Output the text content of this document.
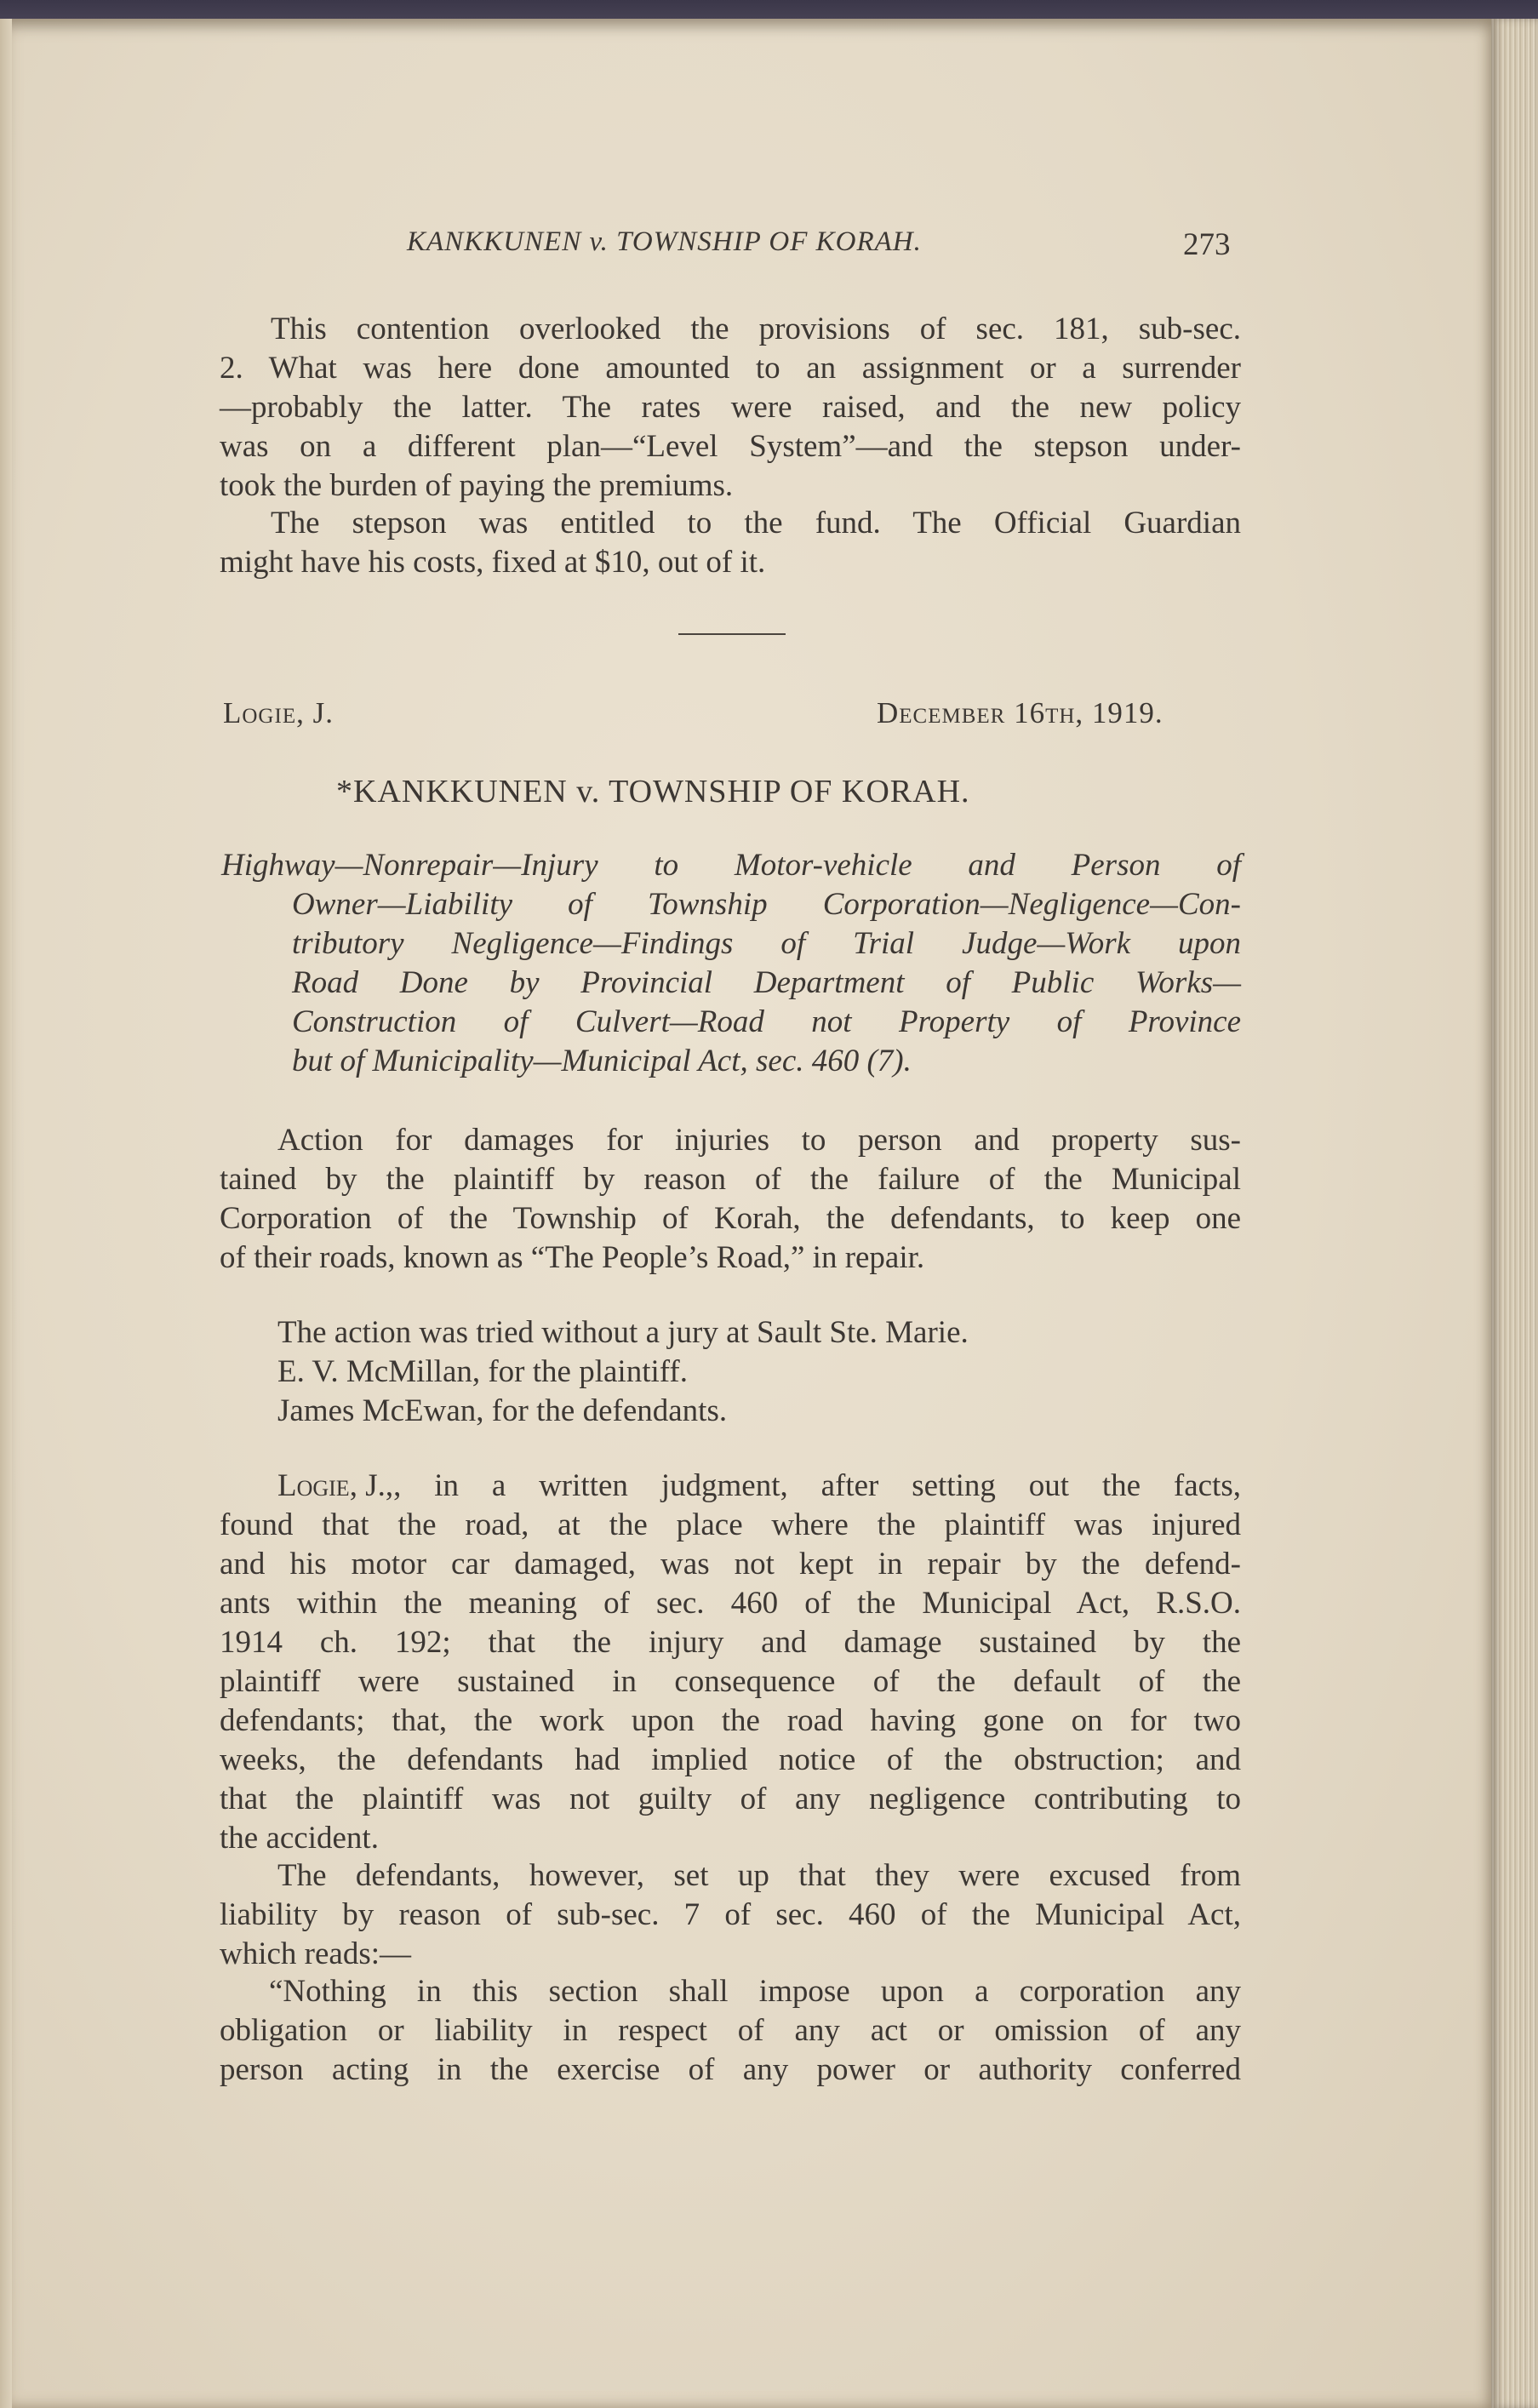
KANKKUNEN v. TOWNSHIP OF KORAH.	273
This contention overlooked the provisions of sec. 181, sub-sec.
2. What was here done amounted to an assignment or a surrender
—probably the latter. The rates were raised, and the new policy
was on a different plan—“Level System”—and the stepson under-
took the burden of paying the premiums.
The stepson was entitled to the fund. The Official Guardian
might have his costs, fixed at $10, out of it.
Logie, J.	December 16th, 1919.
*KANKKUNEN v. TOWNSHIP OF KORAH.
Highway—Nonrepair—Injury to Motor-vehicle and Person of
Owner—Liability of Township Corporation—Negligence—Con-
tributory Negligence—Findings of Trial Judge—Work upon
Road Done by Provincial Department of Public Works—
Construction of Culvert—Road not Property of Province
but of Municipality—Municipal Act, sec. 460 (7).
Action for damages for injuries to person and property sus-
tained by the plaintiff by reason of the failure of the Municipal
Corporation of the Township of Korah, the defendants, to keep one
of their roads, known as “The People’s Road,” in repair.
The action was tried without a jury at Sault Ste. Marie.
E. V. McMillan, for the plaintiff.
James McEwan, for the defendants.
Logie, J., , in a written judgment, after setting out the facts,
found that the road, at the place where the plaintiff was injured
and his motor car damaged, was not kept in repair by the defend-
ants within the meaning of sec. 460 of the Municipal Act, R.S.O.
1914 ch. 192; that the injury and damage sustained by the
plaintiff were sustained in consequence of the default of the
defendants; that, the work upon the road having gone on for two
weeks, the defendants had implied notice of the obstruction; and
that the plaintiff was not guilty of any negligence contributing to
the accident.
The defendants, however, set up that they were excused from
liability by reason of sub-sec. 7 of sec. 460 of the Municipal Act,
which reads:—
“Nothing in this section shall impose upon a corporation any
obligation or liability in respect of any act or omission of any
person acting in the exercise of any power or authority conferred
